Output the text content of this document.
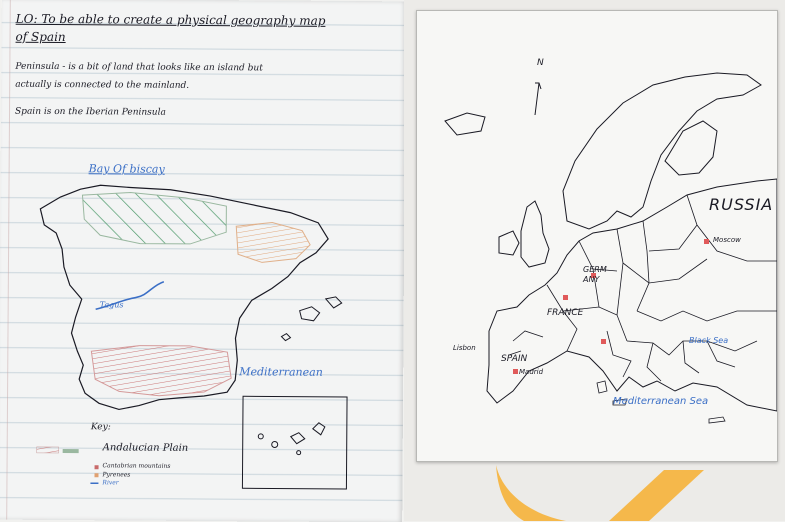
LO: To be able to create a physical geography map
of Spain
Peninsula - is a bit of land that looks like an island but
actually is connected to the mainland.
Spain is on the Iberian Peninsula
Bay Of biscay
Tagus
Mediterranean
Key:
Andalucian Plain
Cantabrian mountains
Pyrenees
River
N
RUSSIA
Moscow
GERM
ANY
FRANCE
Lisbon
SPAIN
Madrid
Black Sea
Mediterranean Sea
